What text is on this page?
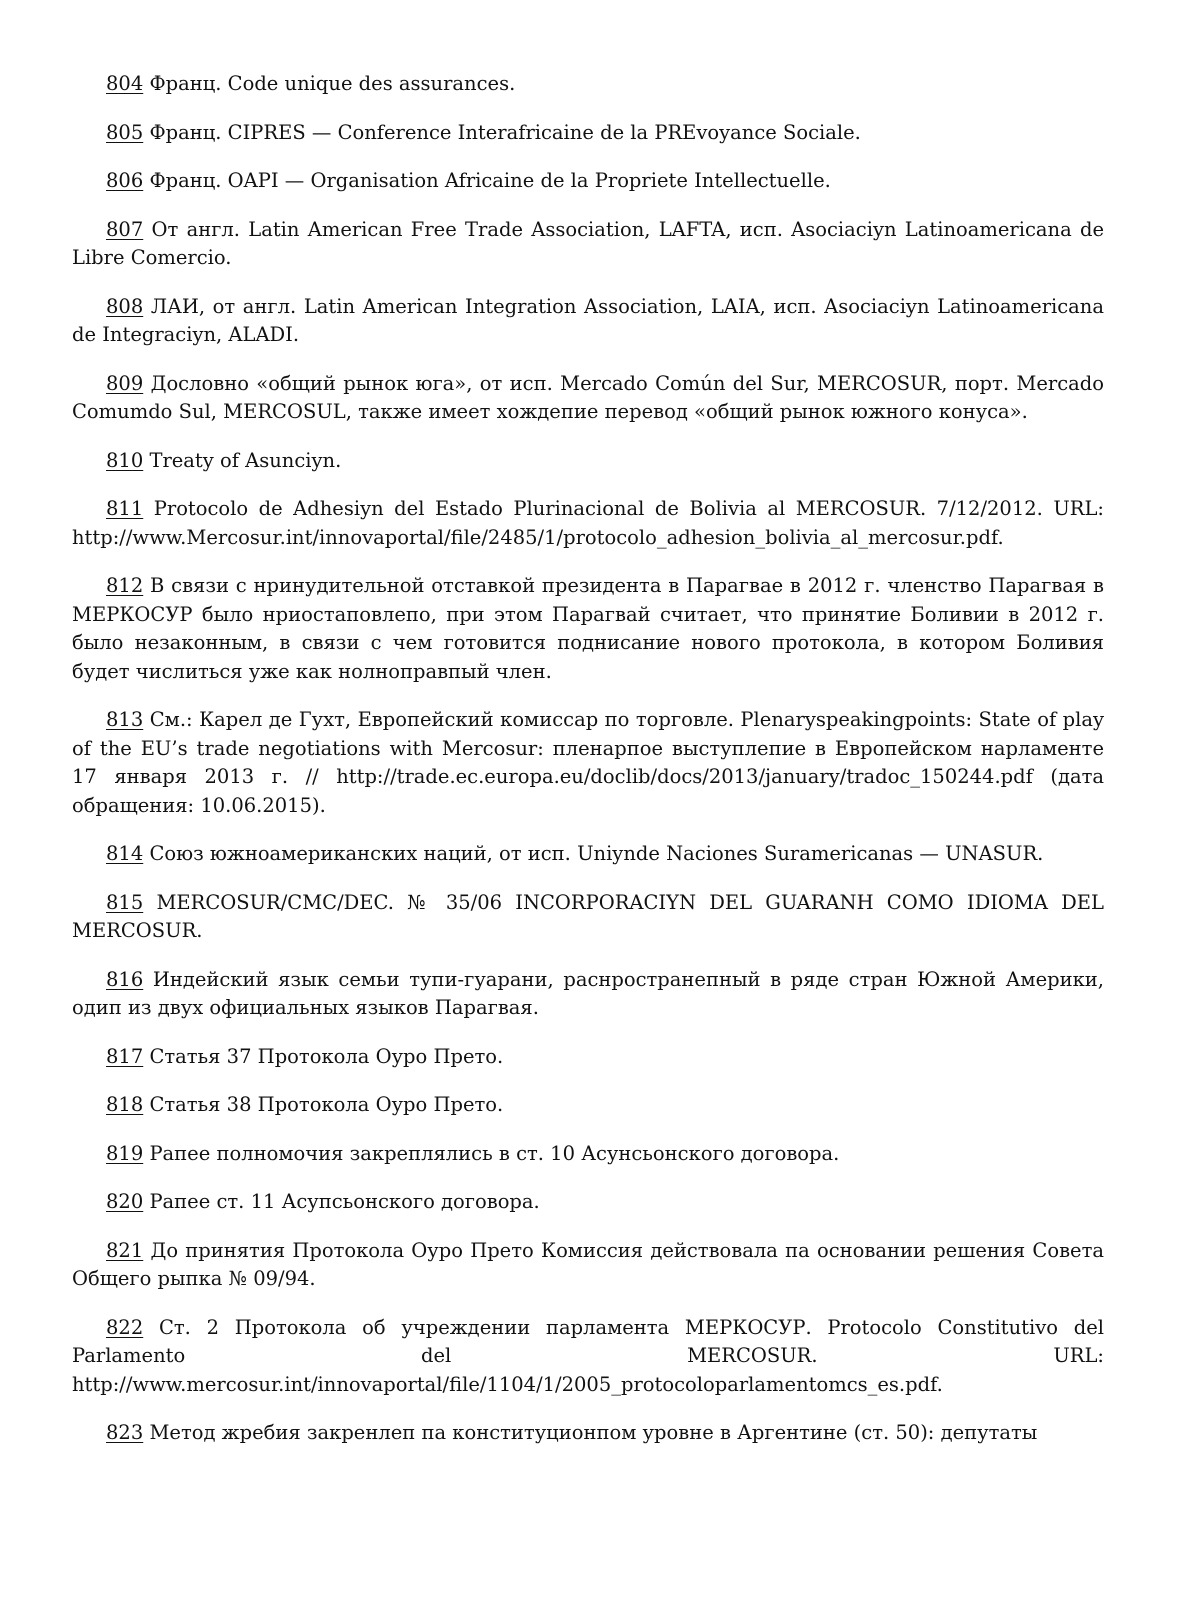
804 Франц. Code unique des assurances.

805 Франц. CIPRES — Conference Interafricaine de la PREvoyance Sociale.

806 Франц. OAPI — Organisation Africaine de la Propriete Intellectuelle.

807 От англ. Latin American Free Trade Association, LAFTA, исп. Asociaciyn Latinoamericana de Libre Comercio.

808 ЛАИ, от англ. Latin American Integration Association, LAIA, исп. Asociaciyn Latinoamericana de Integraciyn, ALADI.

809 Дословно «общий рынок юга», от исп. Mercado Común del Sur, MERCOSUR, порт. Mercado Comumdo Sul, MERCOSUL, также имеет хождепие перевод «общий рынок южного конуса».

810 Treaty of Asunciyn.

811 Protocolo de Adhesiyn del Estado Plurinacional de Bolivia al MERCOSUR. 7/12/2012. URL: http://www.Mercosur.int/innovaportal/file/2485/1/protocolo_adhesion_bolivia_al_mercosur.pdf.

812 В связи с нринудительной отставкой президента в Парагвае в 2012 г. членство Парагвая в МЕРКОСУР было нриостаповлепо, при этом Парагвай считает, что принятие Боливии в 2012 г. было незаконным, в связи с чем готовится поднисание нового протокола, в котором Боливия будет числиться уже как нолноправпый член.

813 См.: Карел де Гухт, Европейский комиссар по торговле. Plenaryspeakingpoints: State of play of the EU’s trade negotiations with Mercosur: пленарпое выступлепие в Европейском нарламенте 17 января 2013 г. // http://trade.ec.europa.eu/doclib/docs/2013/january/tradoc_150244.pdf (дата обращения: 10.06.2015).

814 Союз южноамериканских наций, от исп. Uniynde Naciones Suramericanas — UNASUR.

815 MERCOSUR/CMC/DEC. № 35/06 INCORPORACIYN DEL GUARANH COMO IDIOMA DEL MERCOSUR.

816 Индейский язык семьи тупи-гуарани, раснространепный в ряде стран Южной Америки, одип из двух официальных языков Парагвая.

817 Статья 37 Протокола Оуро Прето.

818 Статья 38 Протокола Оуро Прето.

819 Рапее полномочия закреплялись в ст. 10 Асунсьонского договора.

820 Рапее ст. 11 Асупсьонского договора.

821 До принятия Протокола Оуро Прето Комиссия действовала па основании решения Совета Общего рыпка № 09/94.

822 Ст. 2 Протокола об учреждении парламента МЕРКОСУР. Protocolo Constitutivo del Parlamento del MERCOSUR. URL: http://www.mercosur.int/innovaportal/file/1104/1/2005_protocoloparlamentomcs_es.pdf.

823 Метод жребия закренлеп па конституционпом уровне в Аргентине (ст. 50): депутаты
